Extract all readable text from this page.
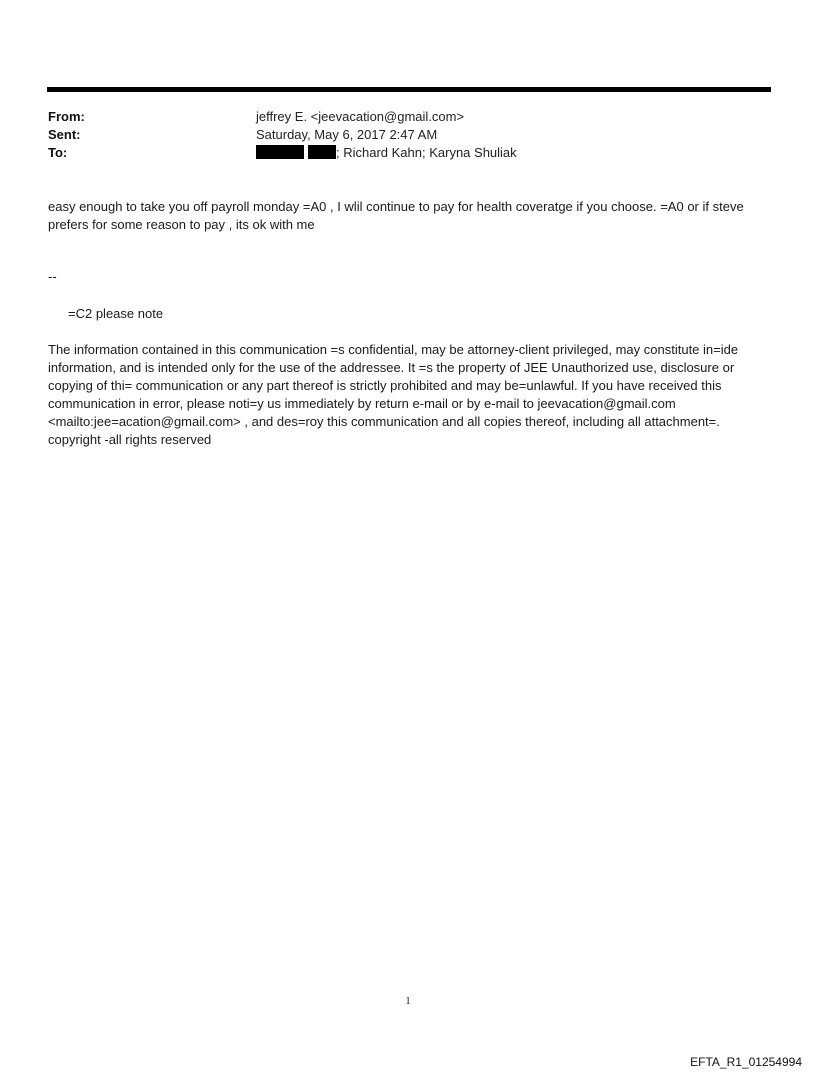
From:	jeffrey E. <jeevacation@gmail.com>
Sent:	Saturday, May 6, 2017 2:47 AM
To:	; Richard Kahn; Karyna Shuliak
easy enough to take you off payroll monday =A0 , I wlil continue to pay for health coveratge if you choose. =A0 or if steve prefers for some reason to pay , its ok with me
--
=C2 please note
The information contained in this communication =s confidential, may be attorney-client privileged, may constitute in=ide information, and is intended only for the use of the addressee. It =s the property of JEE Unauthorized use, disclosure or copying of thi= communication or any part thereof is strictly prohibited and may be=unlawful. If you have received this communication in error, please noti=y us immediately by return e-mail or by e-mail to jeevacation@gmail.com <mailto:jee=acation@gmail.com> , and des=roy this communication and all copies thereof, including all attachment=. copyright -all rights reserved
1
EFTA_R1_01254994
